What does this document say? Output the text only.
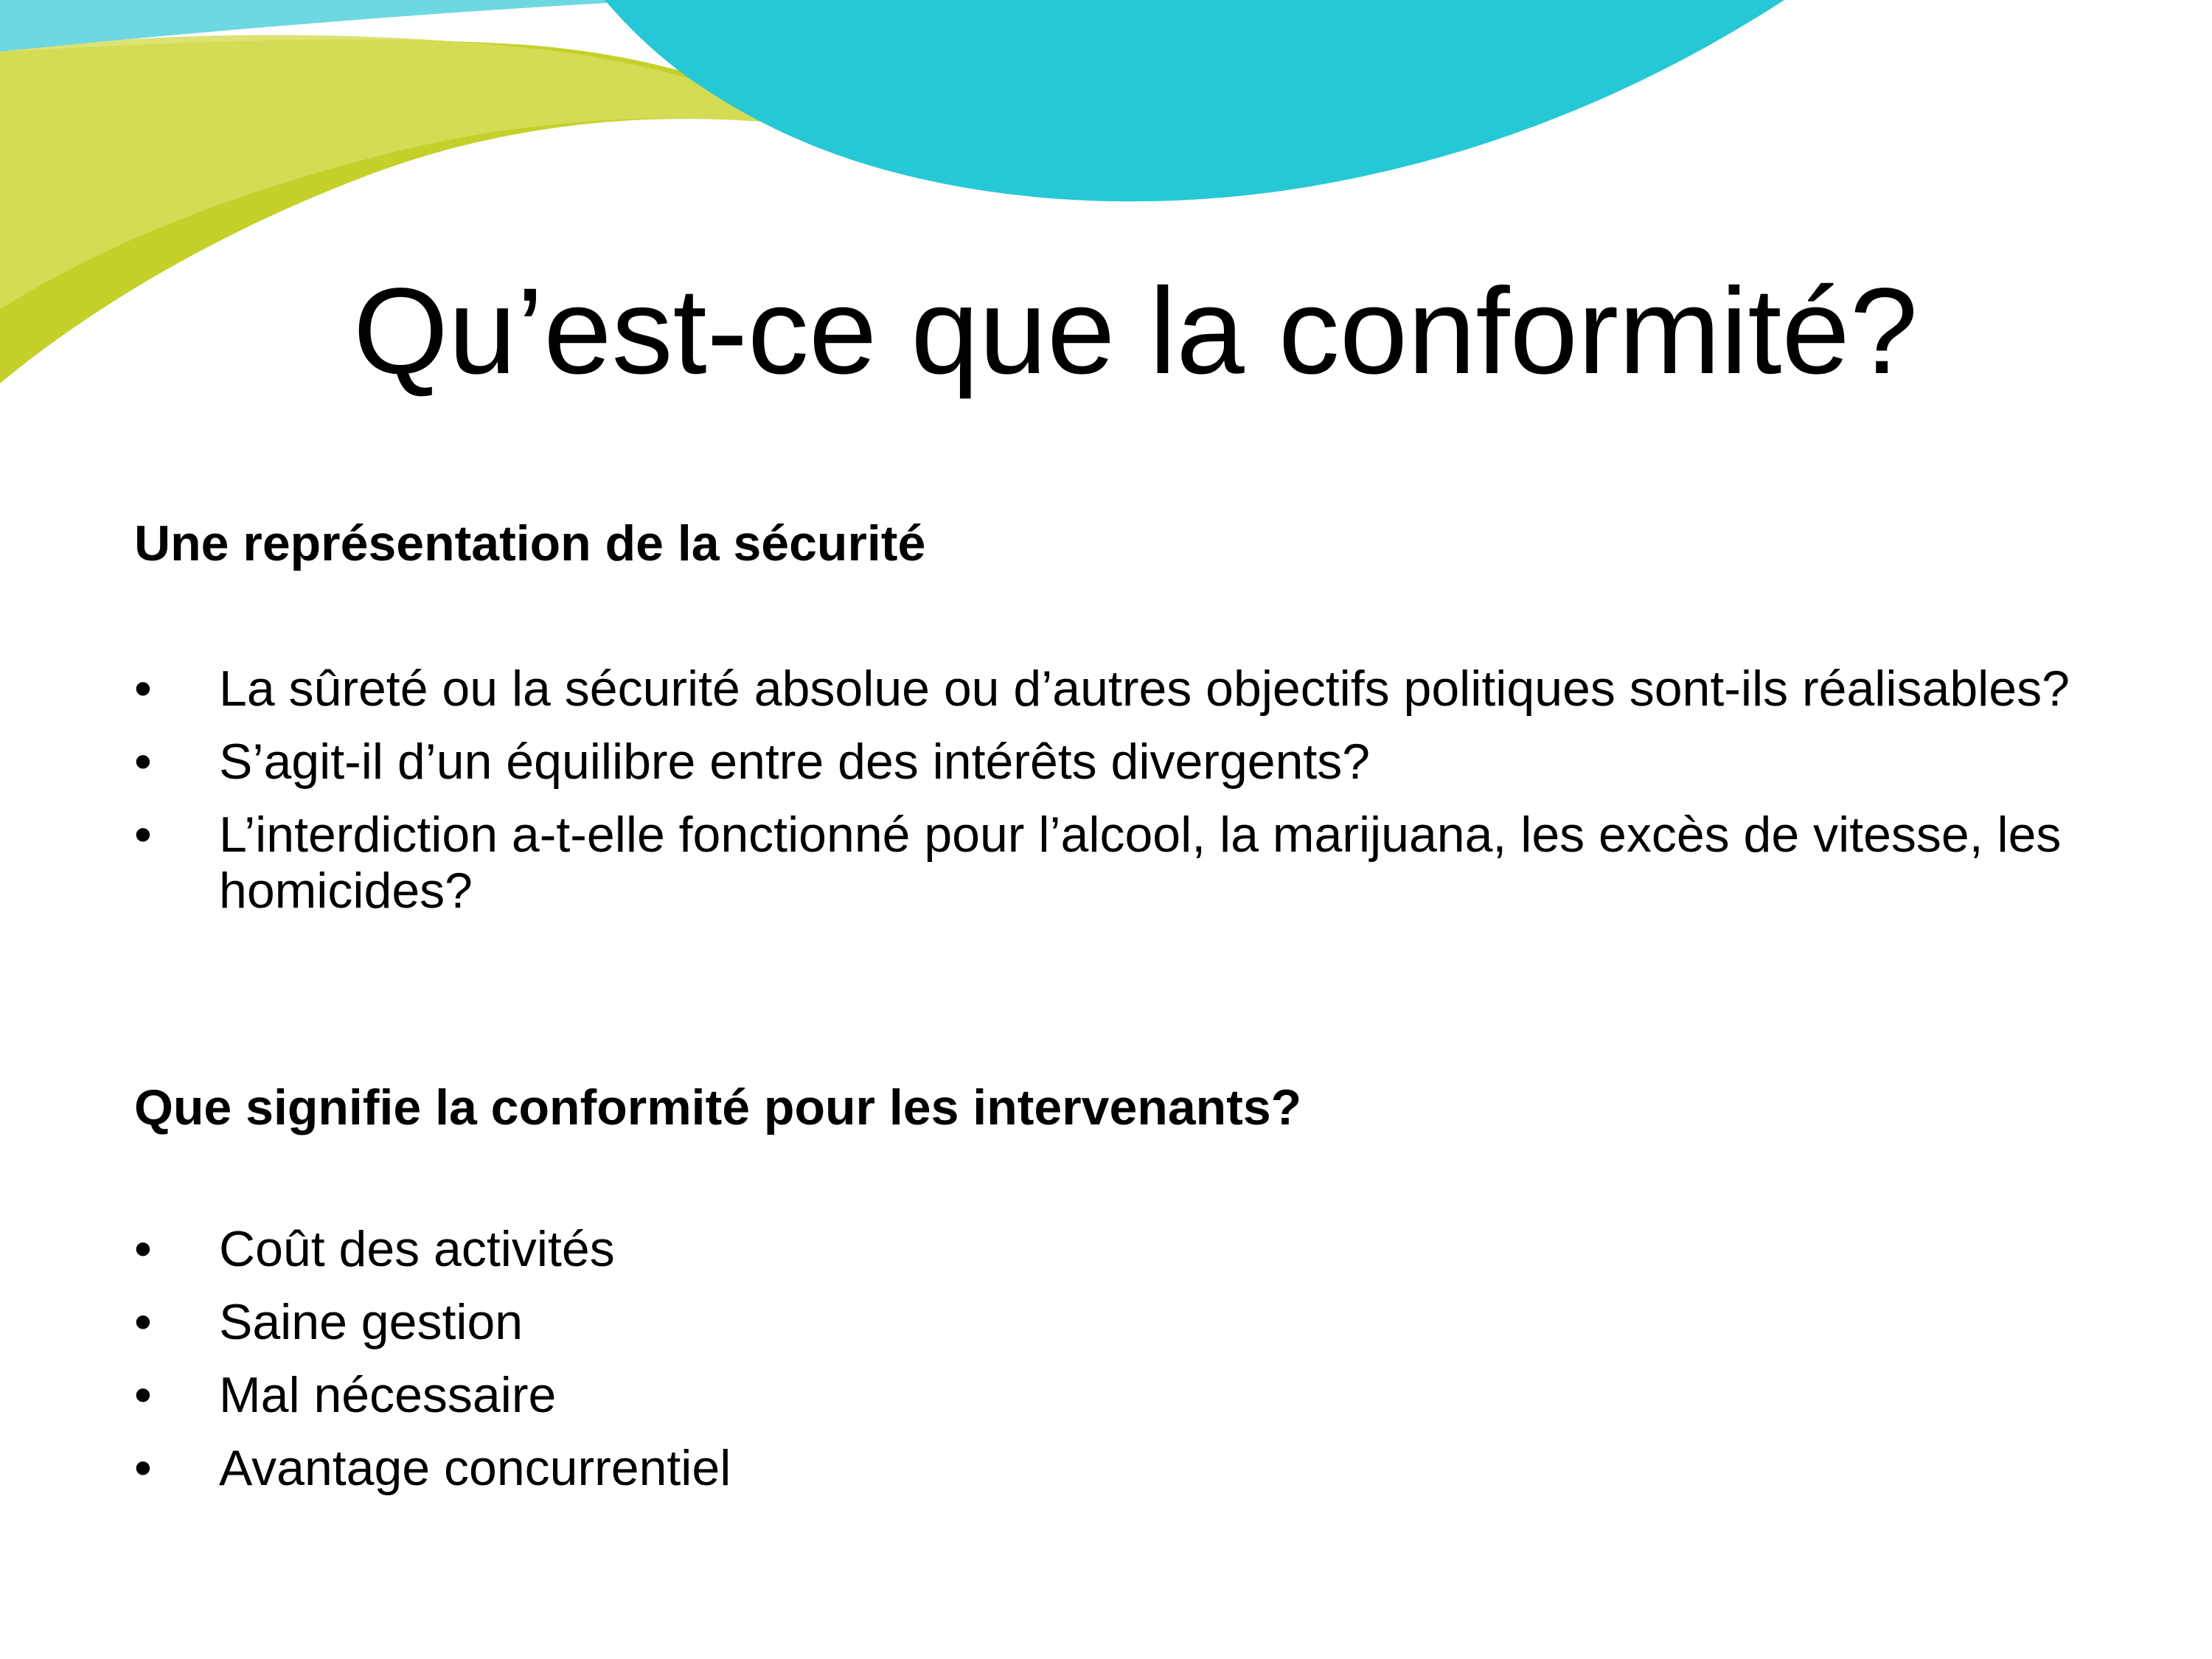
Qu’est-ce que la conformité?

Une représentation de la sécurité

•	La sûreté ou la sécurité absolue ou d’autres objectifs politiques sont-ils réalisables?
•	S’agit-il d’un équilibre entre des intérêts divergents?
•	L’interdiction a-t-elle fonctionné pour l’alcool, la marijuana, les excès de vitesse, les homicides?

Que signifie la conformité pour les intervenants?

•	Coût des activités
•	Saine gestion
•	Mal nécessaire
•	Avantage concurrentiel
